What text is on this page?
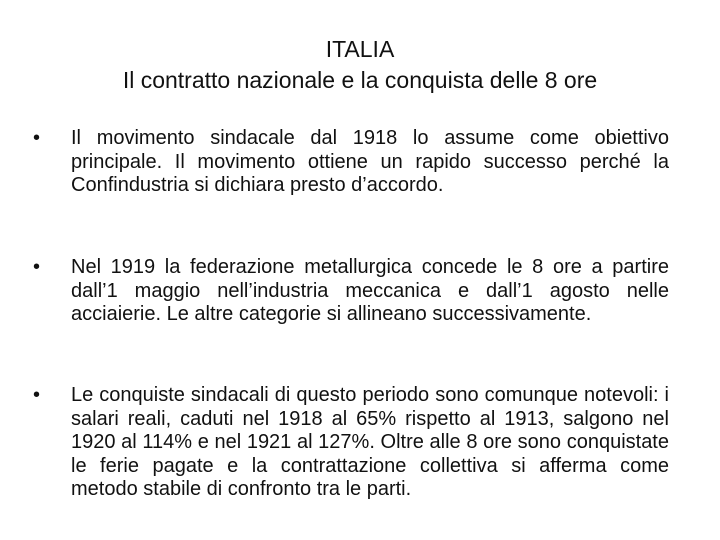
ITALIA
Il contratto nazionale e la conquista delle 8 ore
• Il movimento sindacale dal 1918 lo assume come obiettivo principale. Il movimento ottiene un rapido successo perché la Confindustria si dichiara presto d’accordo.

• Nel 1919 la federazione metallurgica concede le 8 ore a partire dall’1 maggio nell’industria meccanica e dall’1 agosto nelle acciaierie. Le altre categorie si allineano successivamente.

• Le conquiste sindacali di questo periodo sono comunque notevoli: i salari reali, caduti nel 1918 al 65% rispetto al 1913, salgono nel 1920 al 114% e nel 1921 al 127%. Oltre alle 8 ore sono conquistate le ferie pagate e la contrattazione collettiva si afferma come metodo stabile di confronto tra le parti.
